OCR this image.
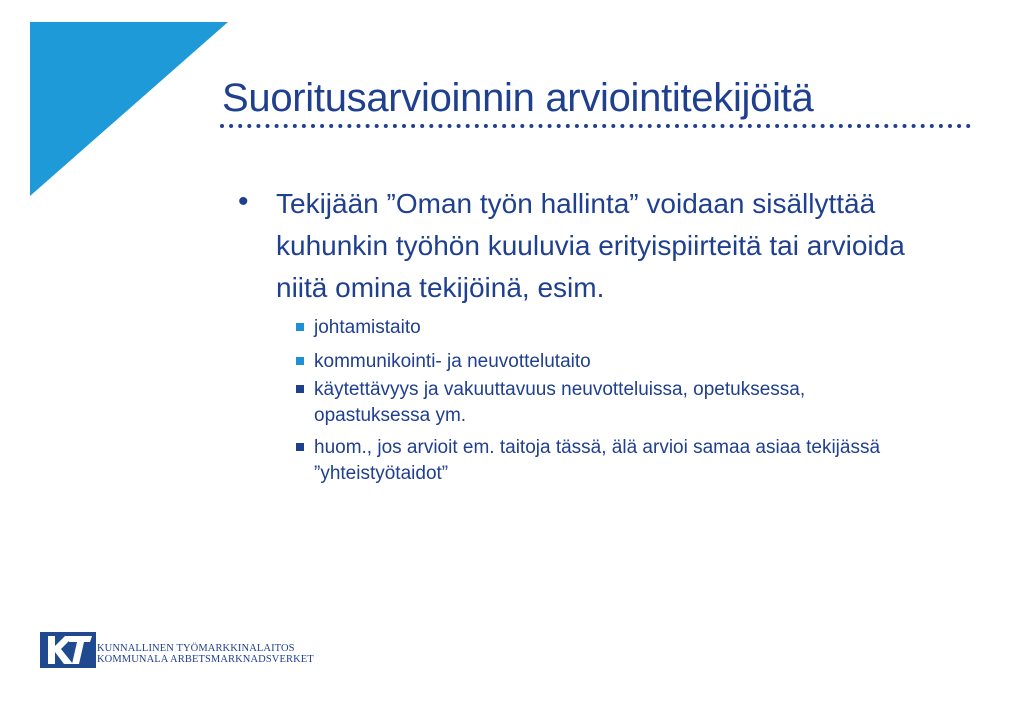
Suoritusarvioinnin arviointitekijöitä
• Tekijään ”Oman työn hallinta” voidaan sisällyttää kuhunkin työhön kuuluvia erityispiirteitä tai arvioida niitä omina tekijöinä, esim.
johtamistaito
kommunikointi- ja neuvottelutaito
käytettävyys ja vakuuttavuus neuvotteluissa, opetuksessa, opastuksessa ym.
huom., jos arvioit em. taitoja tässä, älä arvioi samaa asiaa tekijässä ”yhteistyötaidot”
KUNNALLINEN TYÖMARKKINALAITOS
KOMMUNALA ARBETSMARKNADSVERKET
